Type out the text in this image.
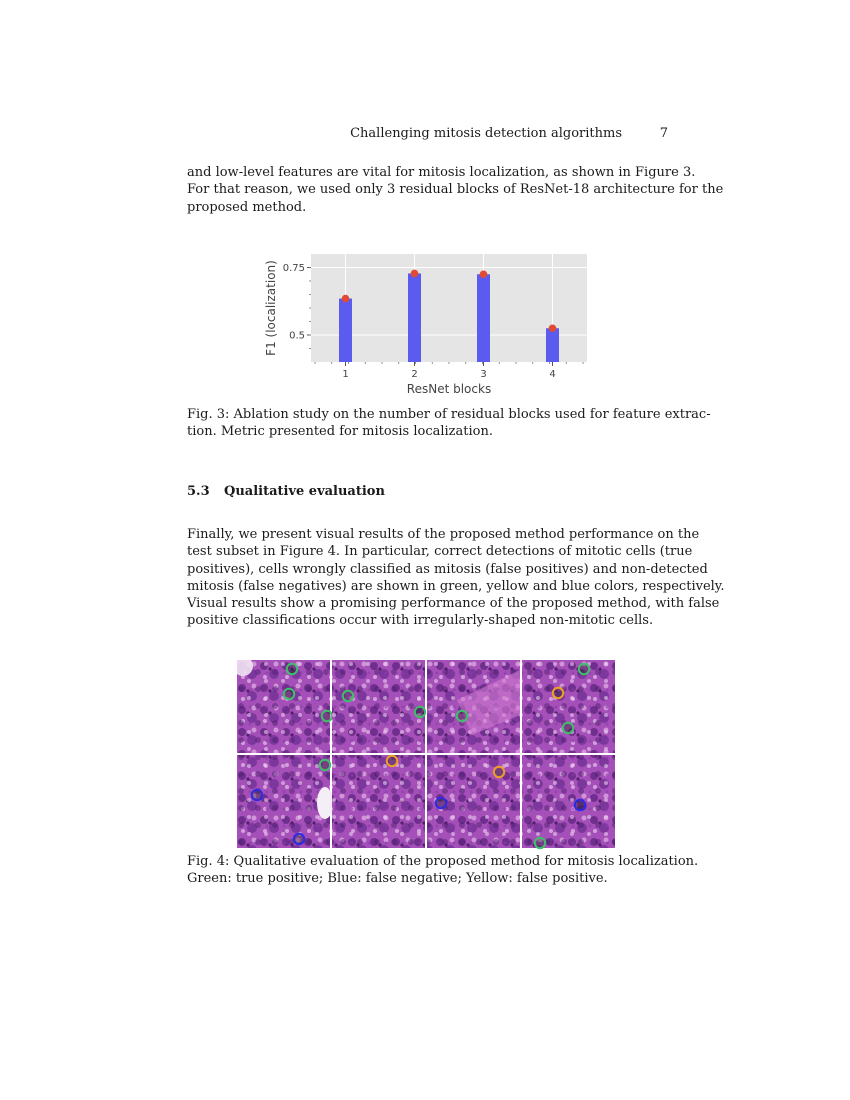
Challenging mitosis detection algorithms	7
and low-level features are vital for mitosis localization, as shown in Figure 3.
For that reason, we used only 3 residual blocks of ResNet-18 architecture for the
proposed method.
0.5
0.75
1	2	3	4
ResNet blocks
F1 (localization)
Fig. 3: Ablation study on the number of residual blocks used for feature extrac-
tion. Metric presented for mitosis localization.
5.3 Qualitative evaluation
Finally, we present visual results of the proposed method performance on the
test subset in Figure 4. In particular, correct detections of mitotic cells (true
positives), cells wrongly classified as mitosis (false positives) and non-detected
mitosis (false negatives) are shown in green, yellow and blue colors, respectively.
Visual results show a promising performance of the proposed method, with false
positive classifications occur with irregularly-shaped non-mitotic cells.
Fig. 4: Qualitative evaluation of the proposed method for mitosis localization.
Green: true positive; Blue: false negative; Yellow: false positive.
